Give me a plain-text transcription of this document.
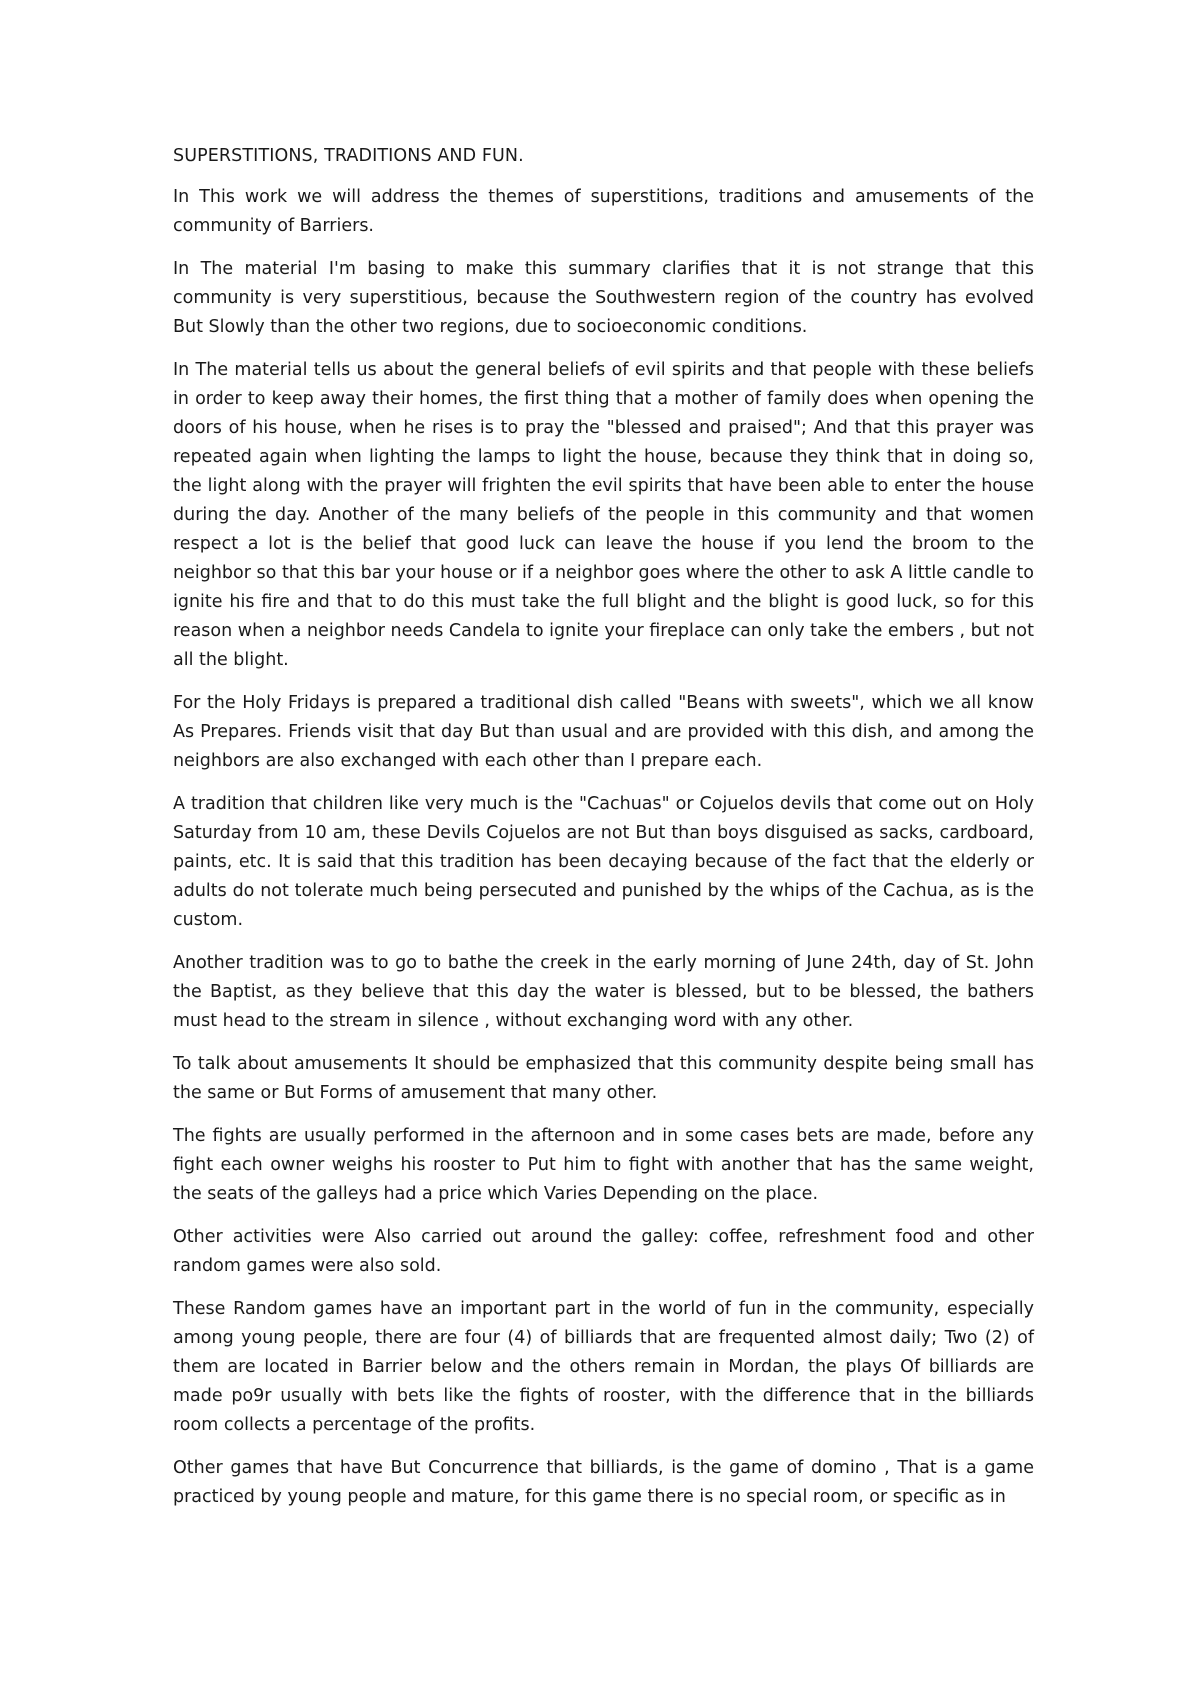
SUPERSTITIONS, TRADITIONS AND FUN.

In This work we will address the themes of superstitions, traditions and amusements of the community of Barriers.

In The material I'm basing to make this summary clarifies that it is not strange that this community is very superstitious, because the Southwestern region of the country has evolved But Slowly than the other two regions, due to socioeconomic conditions.

In The material tells us about the general beliefs of evil spirits and that people with these beliefs in order to keep away their homes, the first thing that a mother of family does when opening the doors of his house, when he rises is to pray the "blessed and praised"; And that this prayer was repeated again when lighting the lamps to light the house, because they think that in doing so, the light along with the prayer will frighten the evil spirits that have been able to enter the house during the day. Another of the many beliefs of the people in this community and that women respect a lot is the belief that good luck can leave the house if you lend the broom to the neighbor so that this bar your house or if a neighbor goes where the other to ask A little candle to ignite his fire and that to do this must take the full blight and the blight is good luck, so for this reason when a neighbor needs Candela to ignite your fireplace can only take the embers , but not all the blight.

For the Holy Fridays is prepared a traditional dish called "Beans with sweets", which we all know As Prepares. Friends visit that day But than usual and are provided with this dish, and among the neighbors are also exchanged with each other than I prepare each.

A tradition that children like very much is the "Cachuas" or Cojuelos devils that come out on Holy Saturday from 10 am, these Devils Cojuelos are not But than boys disguised as sacks, cardboard, paints, etc. It is said that this tradition has been decaying because of the fact that the elderly or adults do not tolerate much being persecuted and punished by the whips of the Cachua, as is the custom.

Another tradition was to go to bathe the creek in the early morning of June 24th, day of St. John the Baptist, as they believe that this day the water is blessed, but to be blessed, the bathers must head to the stream in silence , without exchanging word with any other.

To talk about amusements It should be emphasized that this community despite being small has the same or But Forms of amusement that many other.

The fights are usually performed in the afternoon and in some cases bets are made, before any fight each owner weighs his rooster to Put him to fight with another that has the same weight, the seats of the galleys had a price which Varies Depending on the place.

Other activities were Also carried out around the galley: coffee, refreshment food and other random games were also sold.

These Random games have an important part in the world of fun in the community, especially among young people, there are four (4) of billiards that are frequented almost daily; Two (2) of them are located in Barrier below and the others remain in Mordan, the plays Of billiards are made po9r usually with bets like the fights of rooster, with the difference that in the billiards room collects a percentage of the profits.

Other games that have But Concurrence that billiards, is the game of domino , That is a game practiced by young people and mature, for this game there is no special room, or specific as in
